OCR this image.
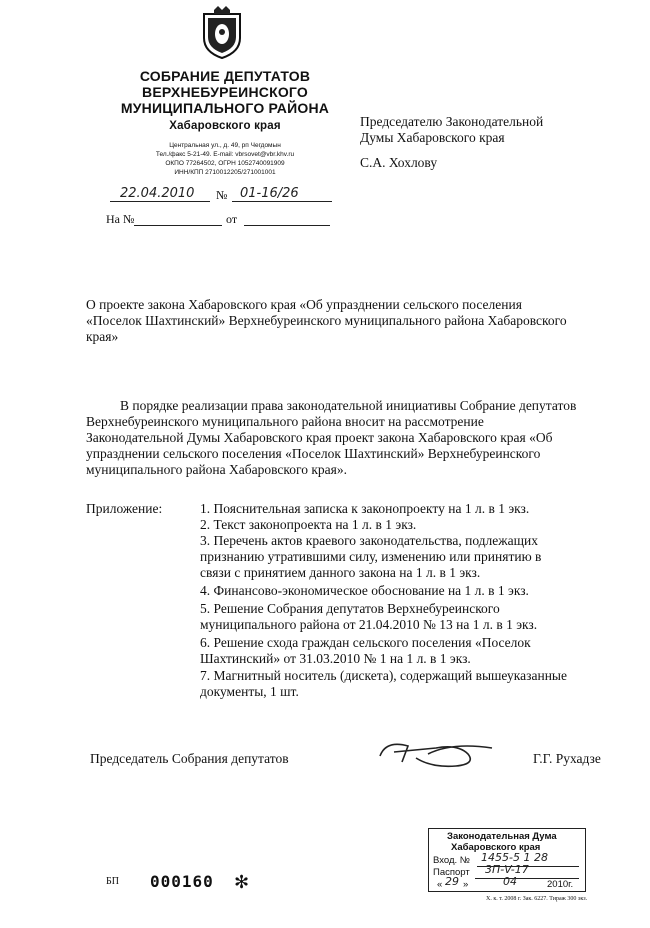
СОБРАНИЕ ДЕПУТАТОВ
ВЕРХНЕБУРЕИНСКОГО
МУНИЦИПАЛЬНОГО РАЙОНА
Хабаровского края
Центральная ул., д. 49, рп Чегдомын
Тел./факс 5-21-49. E-mail: vbrsovet@vbr.khv.ru
ОКПО 77264502, ОГРН 1052740091909
ИНН/КПП 2710012205/271001001
22.04.2010 № 01-16/26
На №	от
Председателю Законодательной
Думы Хабаровского края
С.А. Хохлову
О проекте закона Хабаровского края «Об упразднении сельского поселения
«Поселок Шахтинский» Верхнебуреинского муниципального района Хабаровского
края»
В порядке реализации права законодательной инициативы Собрание депутатов
Верхнебуреинского муниципального района вносит на рассмотрение
Законодательной Думы Хабаровского края проект закона Хабаровского края «Об
упразднении сельского поселения «Поселок Шахтинский» Верхнебуреинского
муниципального района Хабаровского края».
Приложение:	1. Пояснительная записка к законопроекту на 1 л. в 1 экз.
2. Текст законопроекта на 1 л. в 1 экз.
3. Перечень актов краевого законодательства, подлежащих
признанию утратившими силу, изменению или принятию в
связи с принятием данного закона на 1 л. в 1 экз.
4. Финансово-экономическое обоснование на 1 л. в 1 экз.
5. Решение Собрания депутатов Верхнебуреинского
муниципального района от 21.04.2010 № 13 на 1 л. в 1 экз.
6. Решение схода граждан сельского поселения «Поселок
Шахтинский» от 31.03.2010 № 1 на 1 л. в 1 экз.
7. Магнитный носитель (дискета), содержащий вышеуказанные
документы, 1 шт.
Председатель Собрания депутатов	Г.Г. Рухадзе
Законодательная Дума
Хабаровского края
Вход. № 1455-5 1 28
Паспорт 3П-V-17
« 29 »	04	2010г.
БП 000160 ✻
Х. к. т. 2008 г. Зак. 6227. Тираж 300 экз.
